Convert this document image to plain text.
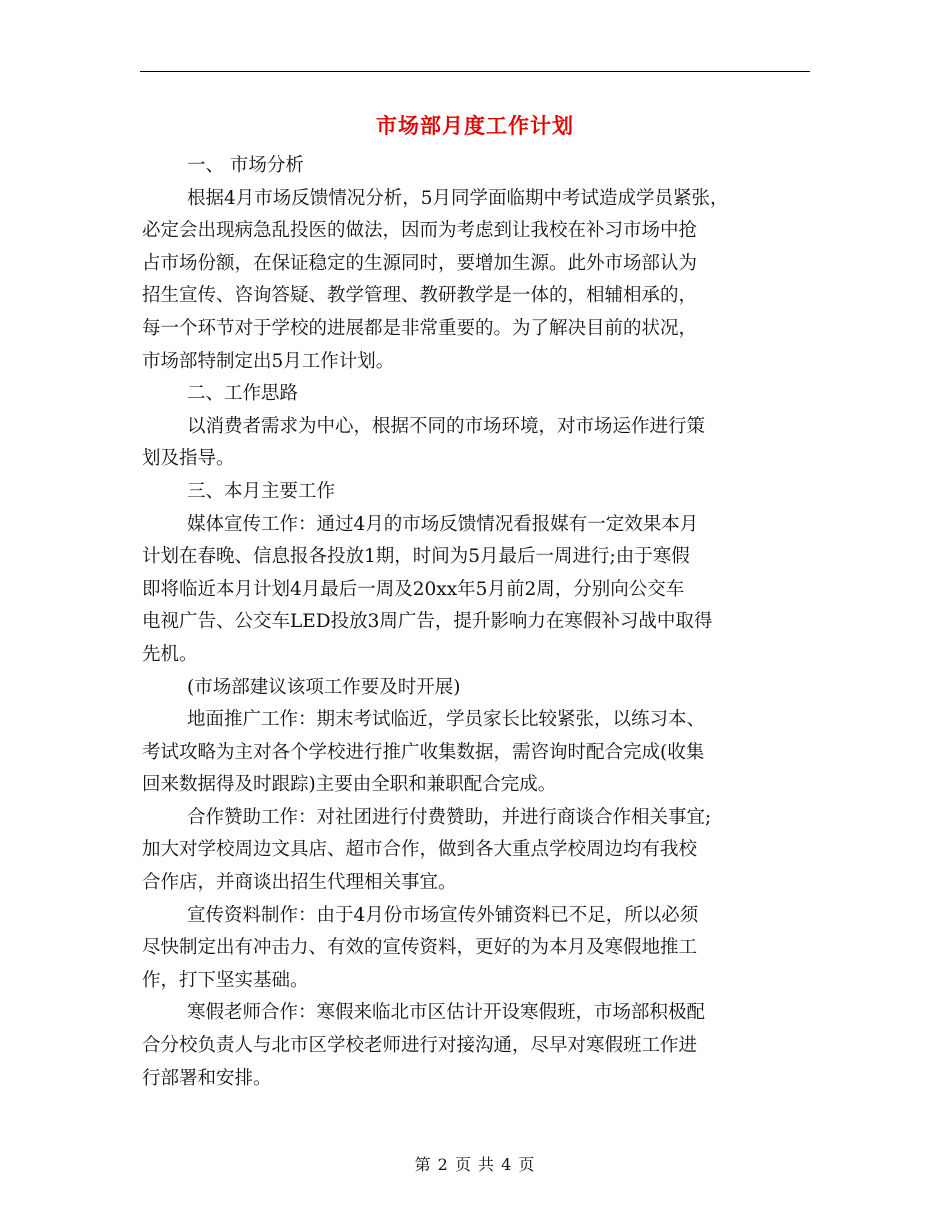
市场部月度工作计划
一、 市场分析
根据4月市场反馈情况分析，5月同学面临期中考试造成学员紧张，
必定会出现病急乱投医的做法，因而为考虑到让我校在补习市场中抢
占市场份额，在保证稳定的生源同时，要增加生源。此外市场部认为
招生宣传、咨询答疑、教学管理、教研教学是一体的，相辅相承的，
每一个环节对于学校的进展都是非常重要的。为了解决目前的状况，
市场部特制定出5月工作计划。
二、工作思路
以消费者需求为中心，根据不同的市场环境，对市场运作进行策
划及指导。
三、本月主要工作
媒体宣传工作：通过4月的市场反馈情况看报媒有一定效果本月
计划在春晚、信息报各投放1期，时间为5月最后一周进行;由于寒假
即将临近本月计划4月最后一周及20xx年5月前2周，分别向公交车
电视广告、公交车LED投放3周广告，提升影响力在寒假补习战中取得
先机。
(市场部建议该项工作要及时开展)
地面推广工作：期末考试临近，学员家长比较紧张，以练习本、
考试攻略为主对各个学校进行推广收集数据，需咨询时配合完成(收集
回来数据得及时跟踪)主要由全职和兼职配合完成。
合作赞助工作：对社团进行付费赞助，并进行商谈合作相关事宜;
加大对学校周边文具店、超市合作，做到各大重点学校周边均有我校
合作店，并商谈出招生代理相关事宜。
宣传资料制作：由于4月份市场宣传外铺资料已不足，所以必须
尽快制定出有冲击力、有效的宣传资料，更好的为本月及寒假地推工
作，打下坚实基础。
寒假老师合作：寒假来临北市区估计开设寒假班，市场部积极配
合分校负责人与北市区学校老师进行对接沟通，尽早对寒假班工作进
行部署和安排。
第 2 页 共 4 页
